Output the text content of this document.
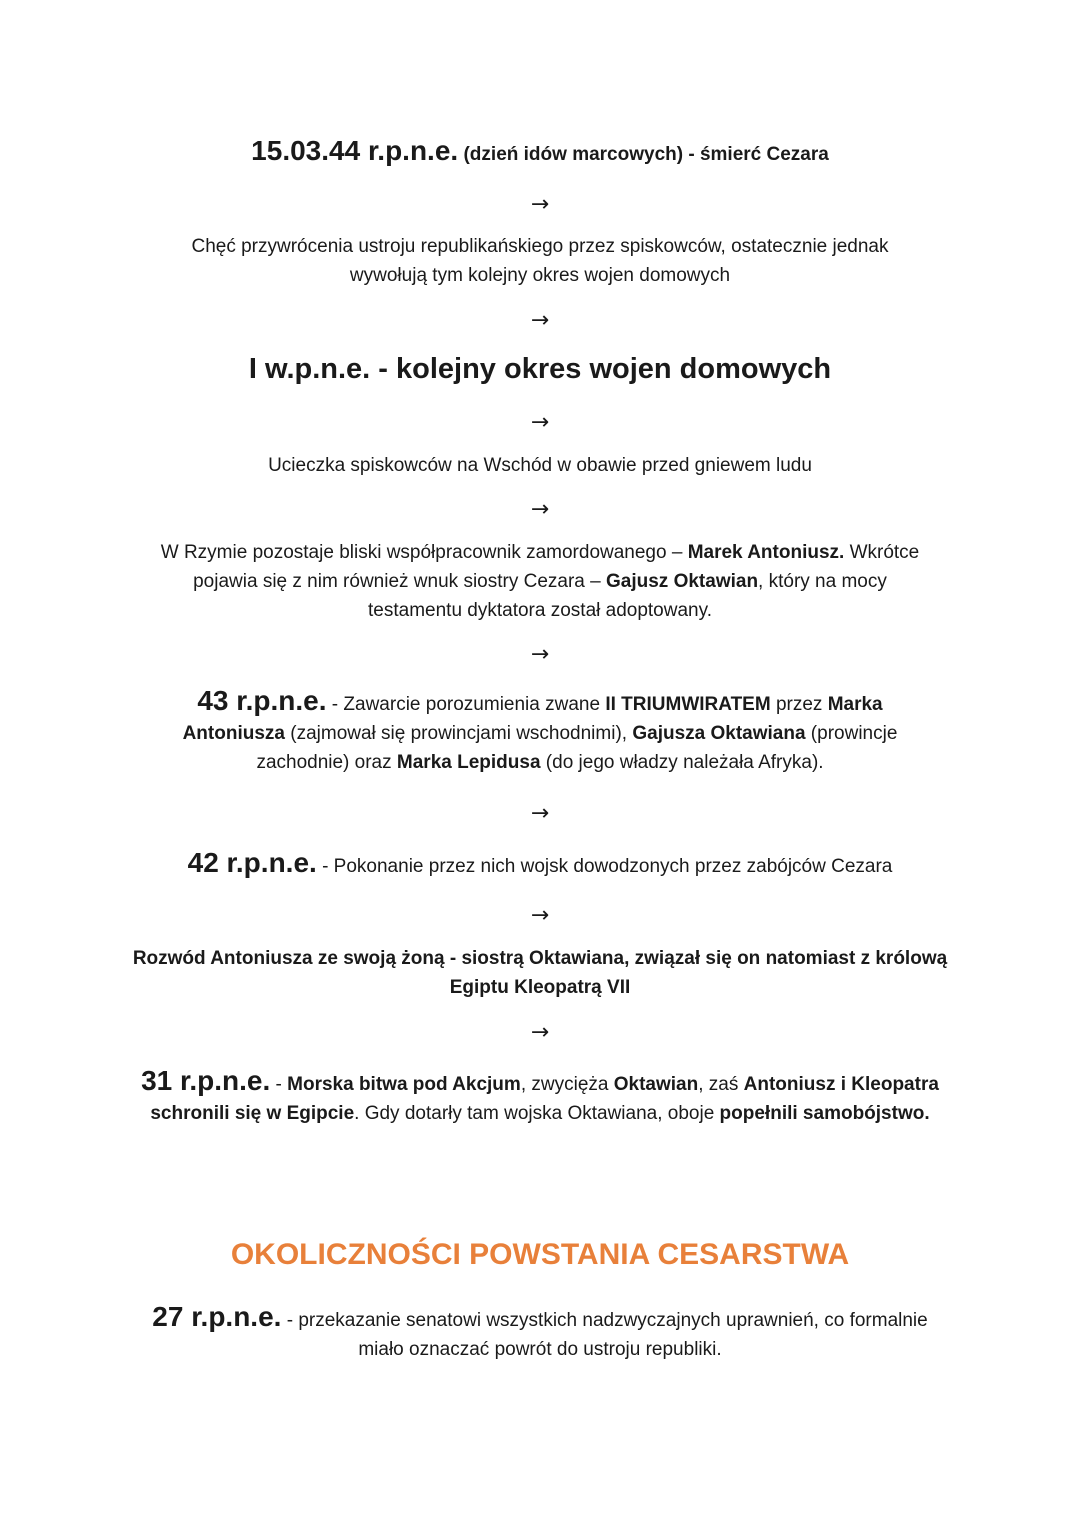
15.03.44 r.p.n.e. (dzień idów marcowych) - śmierć Cezara
→
Chęć przywrócenia ustroju republikańskiego przez spiskowców, ostatecznie jednak
wywołują tym kolejny okres wojen domowych
→
I w.p.n.e. - kolejny okres wojen domowych
→
Ucieczka spiskowców na Wschód w obawie przed gniewem ludu
→
W Rzymie pozostaje bliski współpracownik zamordowanego – Marek Antoniusz. Wkrótce
pojawia się z nim również wnuk siostry Cezara – Gajusz Oktawian, który na mocy
testamentu dyktatora został adoptowany.
→
43 r.p.n.e. - Zawarcie porozumienia zwane II TRIUMWIRATEM przez Marka
Antoniusza (zajmował się prowincjami wschodnimi), Gajusza Oktawiana (prowincje
zachodnie) oraz Marka Lepidusa (do jego władzy należała Afryka).
→
42 r.p.n.e. - Pokonanie przez nich wojsk dowodzonych przez zabójców Cezara
→
Rozwód Antoniusza ze swoją żoną - siostrą Oktawiana, związał się on natomiast z królową
Egiptu Kleopatrą VII
→
31 r.p.n.e. - Morska bitwa pod Akcjum, zwycięża Oktawian, zaś Antoniusz i Kleopatra
schronili się w Egipcie. Gdy dotarły tam wojska Oktawiana, oboje popełnili samobójstwo.
OKOLICZNOŚCI POWSTANIA CESARSTWA
27 r.p.n.e. - przekazanie senatowi wszystkich nadzwyczajnych uprawnień, co formalnie
miało oznaczać powrót do ustroju republiki.
